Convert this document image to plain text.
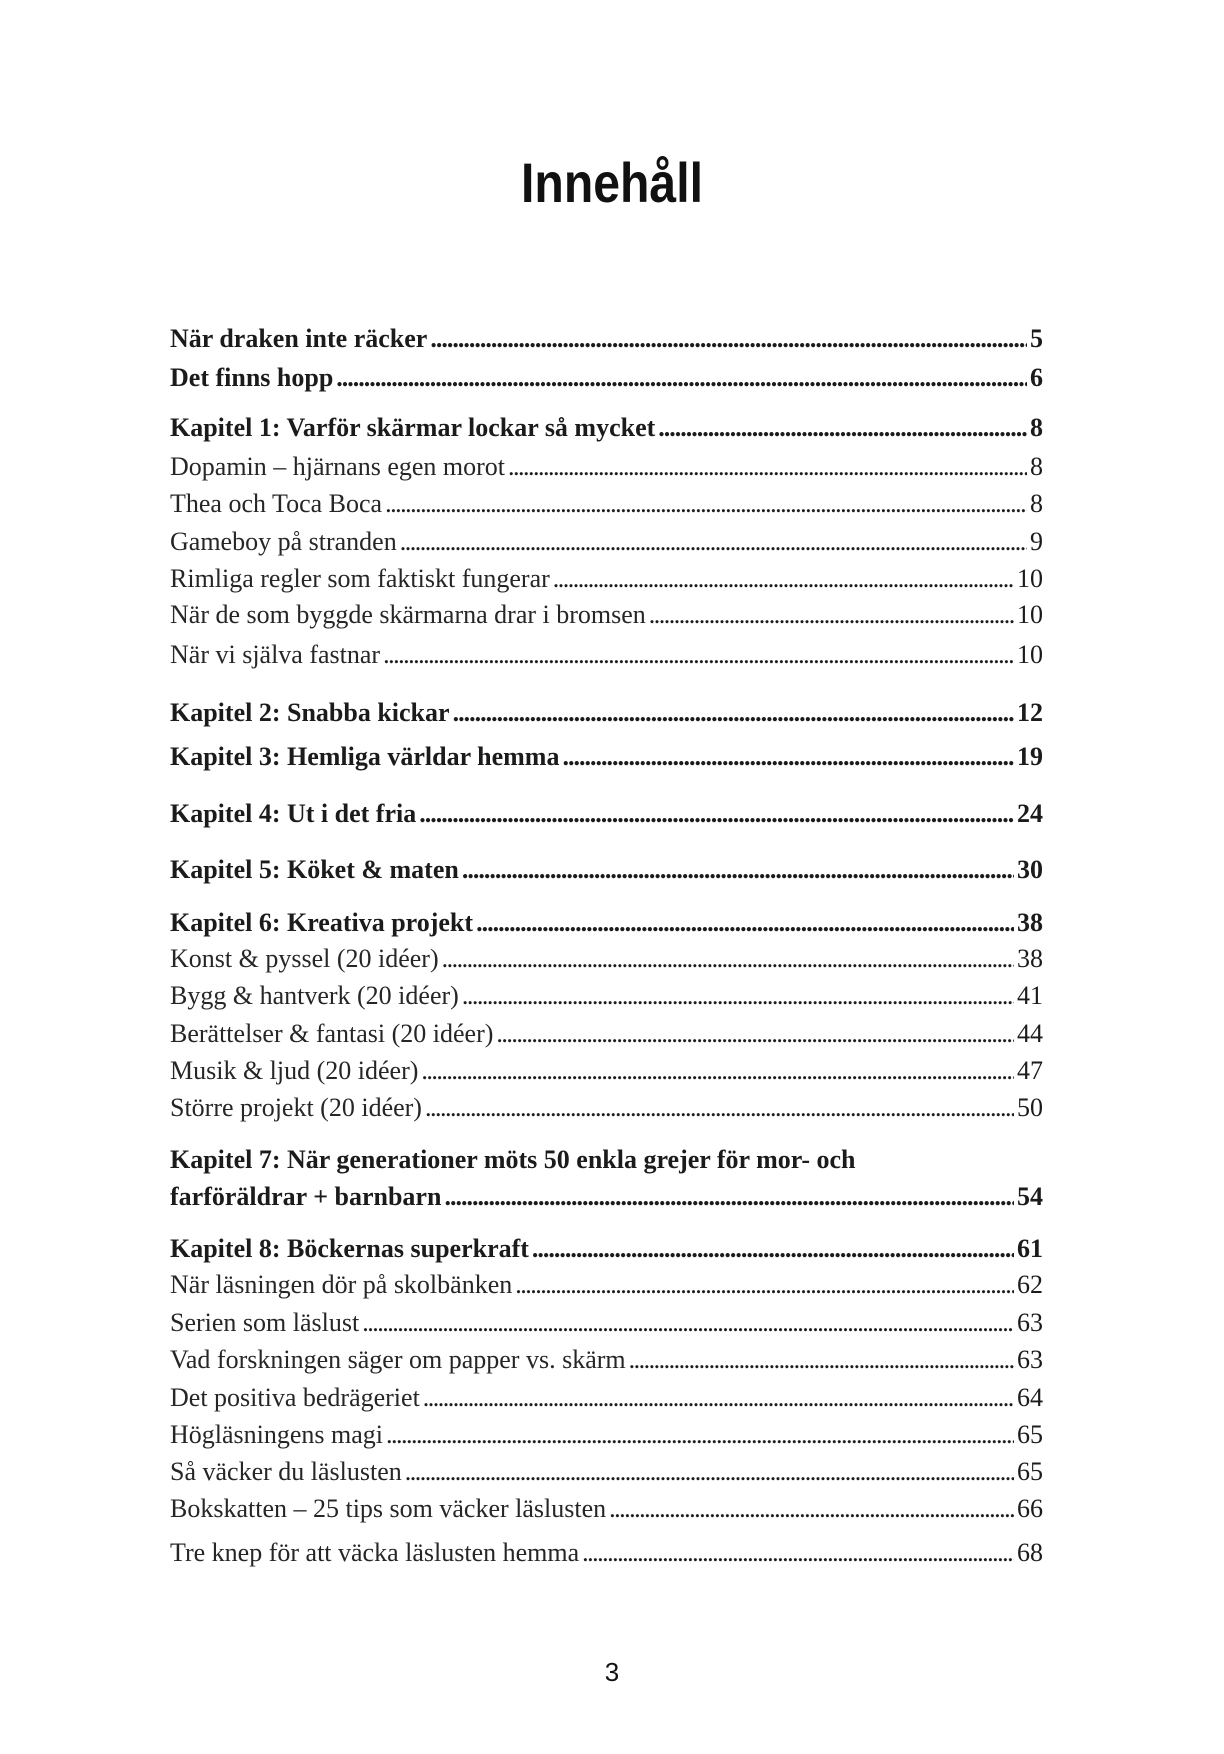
Innehåll
När draken inte räcker .....	5
Det finns hopp .....	6
Kapitel 1: Varför skärmar lockar så mycket .....	8
Dopamin – hjärnans egen morot .....	8
Thea och Toca Boca .....	8
Gameboy på stranden .....	9
Rimliga regler som faktiskt fungerar .....	10
När de som byggde skärmarna drar i bromsen .....	10
När vi själva fastnar .....	10
Kapitel 2: Snabba kickar .....	12
Kapitel 3: Hemliga världar hemma .....	19
Kapitel 4: Ut i det fria .....	24
Kapitel 5: Köket & maten .....	30
Kapitel 6: Kreativa projekt .....	38
Konst & pyssel (20 idéer) .....	38
Bygg & hantverk (20 idéer) .....	41
Berättelser & fantasi (20 idéer) .....	44
Musik & ljud (20 idéer) .....	47
Större projekt (20 idéer) .....	50
Kapitel 7: När generationer möts 50 enkla grejer för mor- och
farföräldrar + barnbarn .....	54
Kapitel 8: Böckernas superkraft .....	61
När läsningen dör på skolbänken .....	62
Serien som läslust .....	63
Vad forskningen säger om papper vs. skärm .....	63
Det positiva bedrägeriet .....	64
Högläsningens magi .....	65
Så väcker du läslusten .....	65
Bokskatten – 25 tips som väcker läslusten .....	66
Tre knep för att väcka läslusten hemma .....	68
3
